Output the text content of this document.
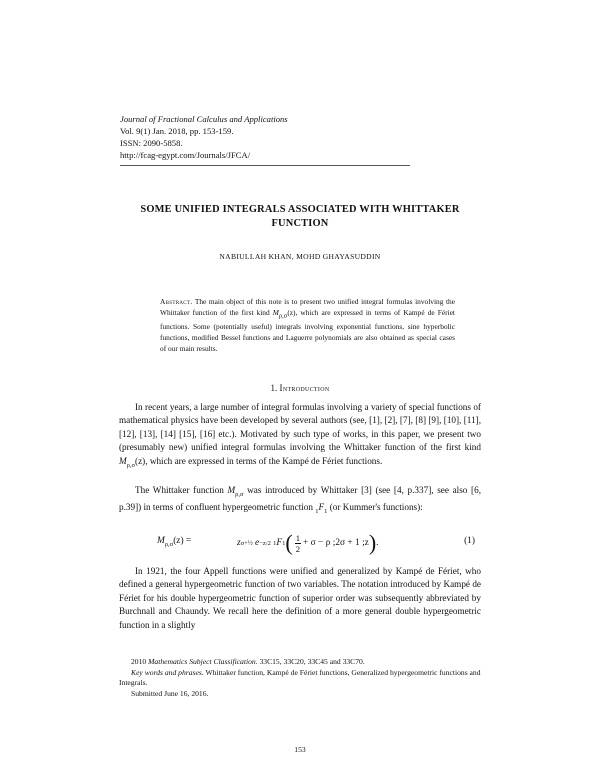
Journal of Fractional Calculus and Applications
Vol. 9(1) Jan. 2018, pp. 153-159.
ISSN: 2090-5858.
http://fcag-egypt.com/Journals/JFCA/
SOME UNIFIED INTEGRALS ASSOCIATED WITH WHITTAKER
FUNCTION
NABIULLAH KHAN, MOHD GHAYASUDDIN
Abstract. The main object of this note is to present two unified integral formulas involving the Whittaker function of the first kind $M_{\rho,\sigma}(z)$, which are expressed in terms of Kampé de Fériet functions. Some (potentially useful) integrals involving exponential functions, sine hyperbolic functions, modified Bessel functions and Laguerre polynomials are also obtained as special cases of our main results.
1. Introduction
In recent years, a large number of integral formulas involving a variety of special functions of mathematical physics have been developed by several authors (see, [1], [2], [7], [8] [9], [10], [11], [12], [13], [14] [15], [16] etc.). Motivated by such type of works, in this paper, we present two (presumably new) unified integral formulas involving the Whittaker function of the first kind $M_{\rho,\sigma}(z)$, which are expressed in terms of the Kampé de Fériet functions.
The Whittaker function $M_{\rho,\sigma}$ was introduced by Whittaker [3] (see [4, p.337], see also [6, p.39]) in terms of confluent hypergeometric function $_1F_1$ (or Kummer's functions):
$M_{\rho,\sigma}(z)$ =	z σ+½
e −z/2
1 F 1 ( $\frac{1}{2} + \sigma - \rho$ ;2σ + 1 ;z ) .	(1)
In 1921, the four Appell functions were unified and generalized by Kampé de Fériet, who defined a general hypergeometric function of two variables. The notation introduced by Kampé de Fériet for his double hypergeometric function of superior order was subsequently abbreviated by Burchnall and Chaundy. We recall here the definition of a more general double hypergeometric function in a slightly
2010 Mathematics Subject Classification. 33C15, 33C20, 33C45 and 33C70.
Key words and phrases. Whittaker function, Kampé de Fériet functions, Generalized hypergeometric functions and Integrals.
Submitted June 16, 2016.
153
